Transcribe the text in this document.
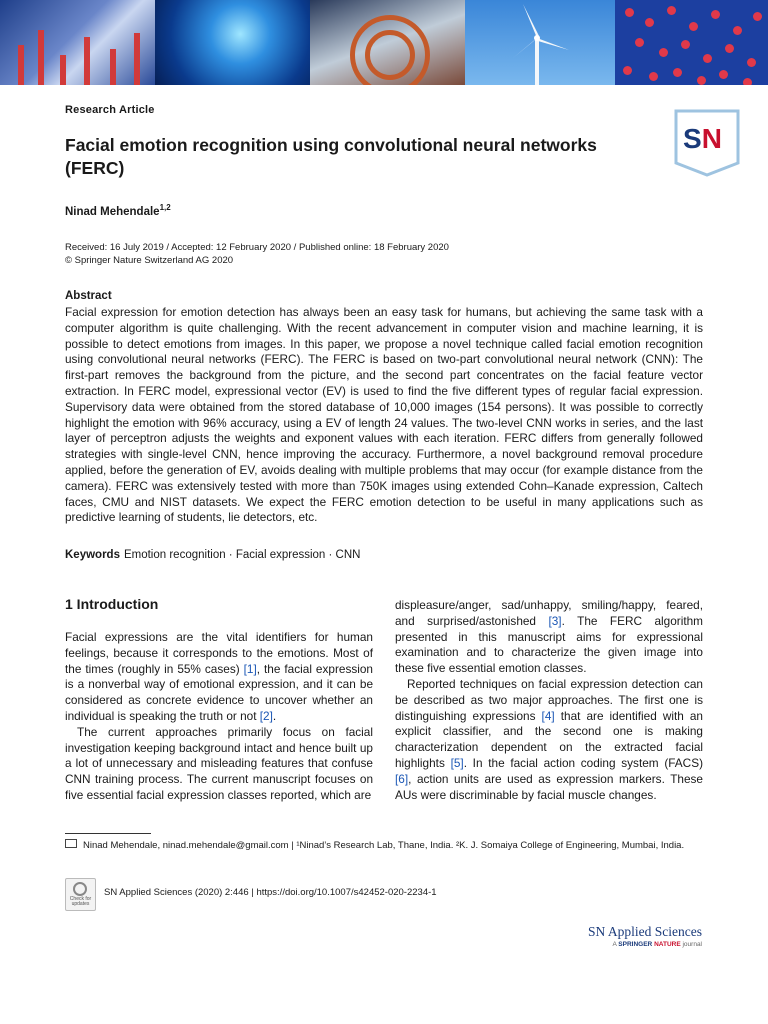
SN
Research Article
Facial emotion recognition using convolutional neural networks (FERC)
Ninad Mehendale$^{1,2}$
Received: 16 July 2019 / Accepted: 12 February 2020 / Published online: 18 February 2020
© Springer Nature Switzerland AG 2020
Abstract
Facial expression for emotion detection has always been an easy task for humans, but achieving the same task with a computer algorithm is quite challenging. With the recent advancement in computer vision and machine learning, it is possible to detect emotions from images. In this paper, we propose a novel technique called facial emotion recognition using convolutional neural networks (FERC). The FERC is based on two-part convolutional neural network (CNN): The first-part removes the background from the picture, and the second part concentrates on the facial feature vector extraction. In FERC model, expressional vector (EV) is used to find the five different types of regular facial expression. Supervisory data were obtained from the stored database of 10,000 images (154 persons). It was possible to correctly highlight the emotion with 96% accuracy, using a EV of length 24 values. The two-level CNN works in series, and the last layer of perceptron adjusts the weights and exponent values with each iteration. FERC differs from generally followed strategies with single-level CNN, hence improving the accuracy. Furthermore, a novel background removal procedure applied, before the generation of EV, avoids dealing with multiple problems that may occur (for example distance from the camera). FERC was extensively tested with more than 750K images using extended Cohn–Kanade expression, Caltech faces, CMU and NIST datasets. We expect the FERC emotion detection to be useful in many applications such as predictive learning of students, lie detectors, etc.
Keywords Emotion recognition · Facial expression · CNN
1 Introduction

Facial expressions are the vital identifiers for human feelings, because it corresponds to the emotions. Most of the times (roughly in 55% cases) [1], the facial expression is a nonverbal way of emotional expression, and it can be considered as concrete evidence to uncover whether an individual is speaking the truth or not [2].

The current approaches primarily focus on facial investigation keeping background intact and hence built up a lot of unnecessary and misleading features that confuse CNN training process. The current manuscript focuses on five essential facial expression classes reported, which are

displeasure/anger, sad/unhappy, smiling/happy, feared, and surprised/astonished [3]. The FERC algorithm presented in this manuscript aims for expressional examination and to characterize the given image into these five essential emotion classes.

Reported techniques on facial expression detection can be described as two major approaches. The first one is distinguishing expressions [4] that are identified with an explicit classifier, and the second one is making characterization dependent on the extracted facial highlights [5]. In the facial action coding system (FACS) [6], action units are used as expression markers. These AUs were discriminable by facial muscle changes.

Ninad Mehendale, ninad.mehendale@gmail.com | ¹Ninad’s Research Lab, Thane, India. ²K. J. Somaiya College of Engineering, Mumbai, India.
Check for updates
SN Applied Sciences (2020) 2:446 | https://doi.org/10.1007/s42452-020-2234-1
SN Applied Sciences
A SPRINGER NATURE journal
